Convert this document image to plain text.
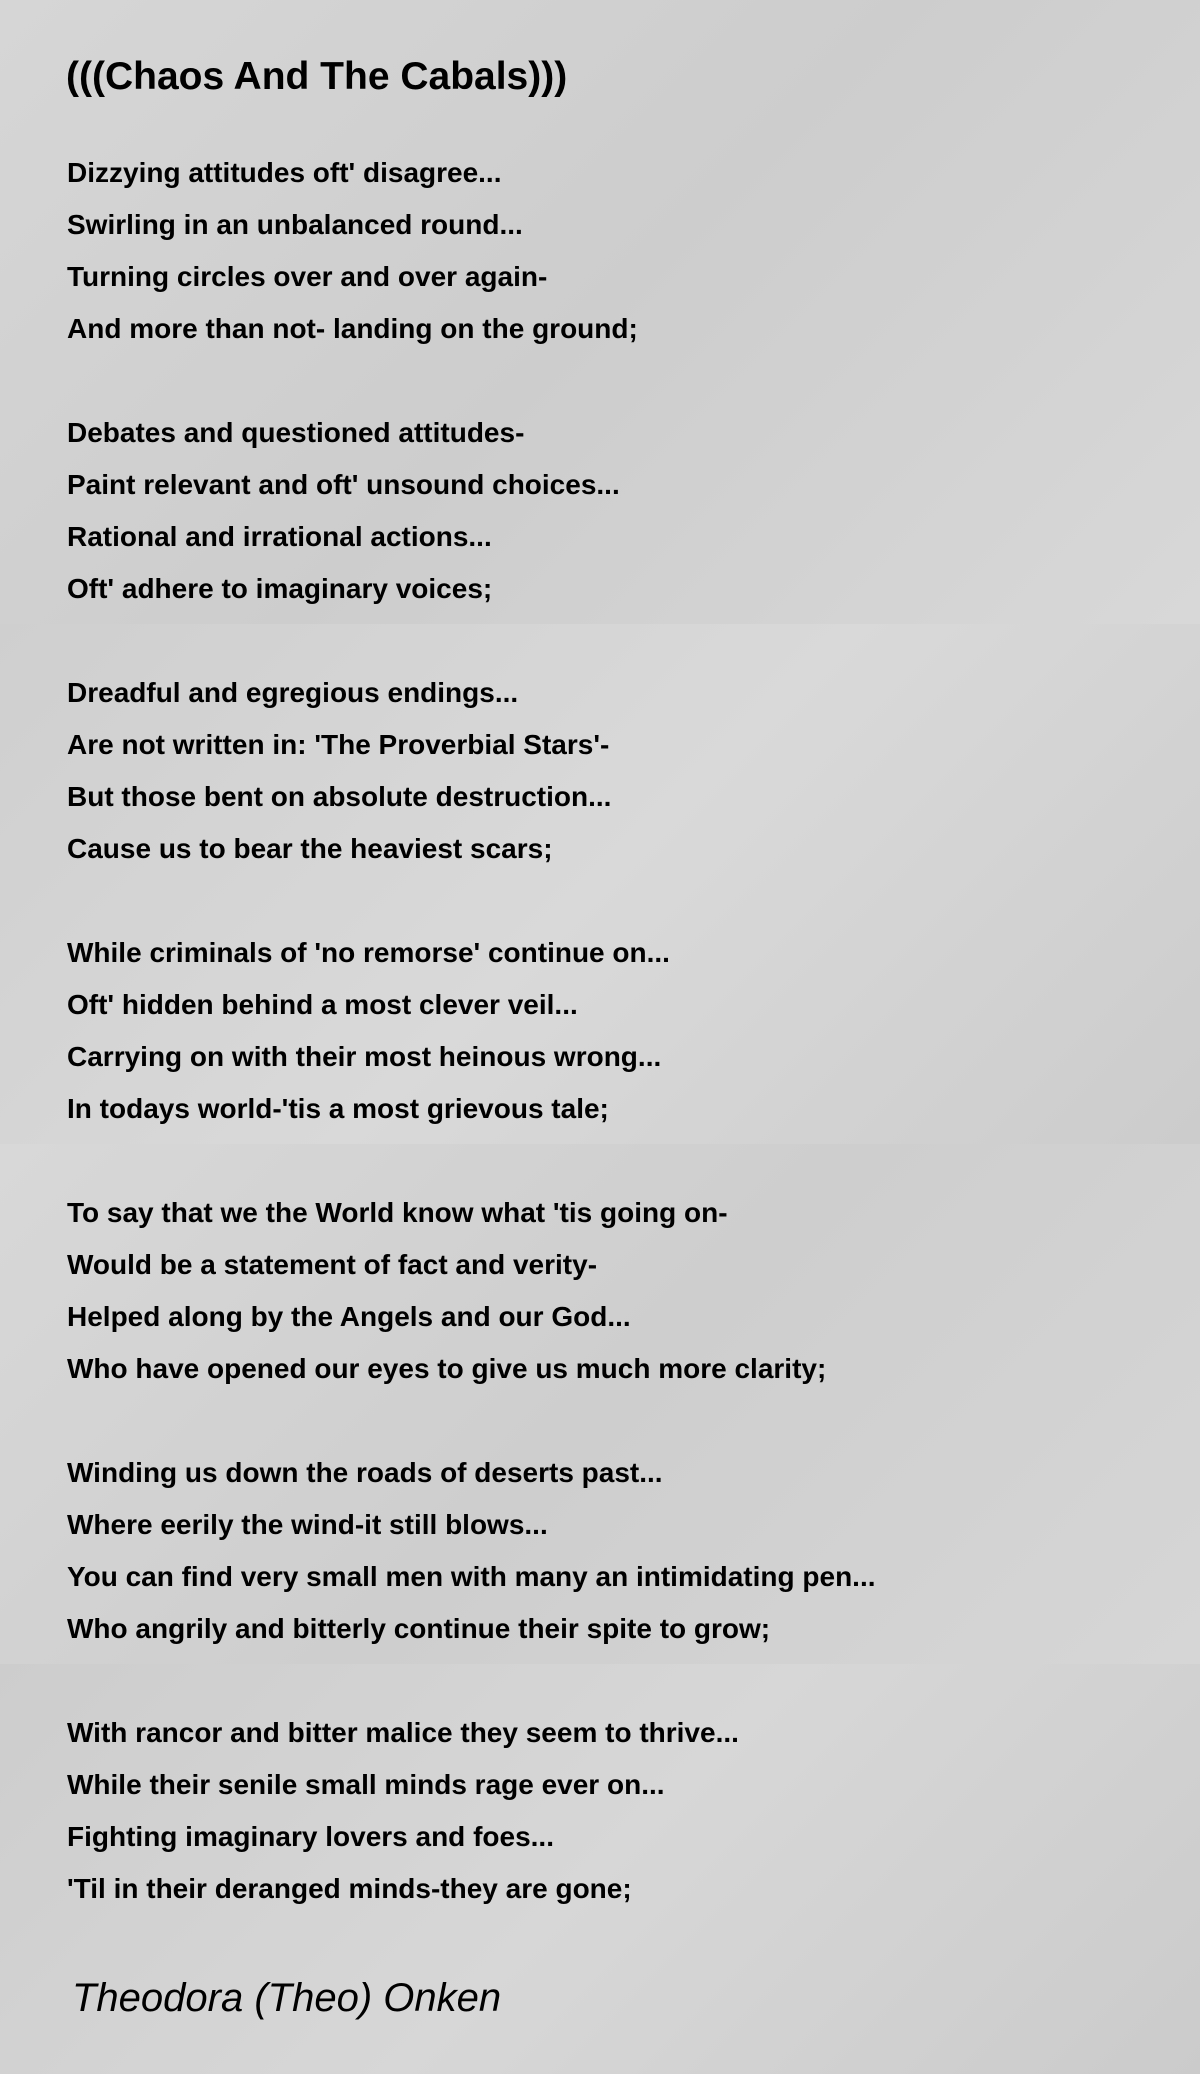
(((Chaos And The Cabals)))
Dizzying attitudes oft' disagree...
Swirling in an unbalanced round...
Turning circles over and over again-
And more than not- landing on the ground;
Debates and questioned attitudes-
Paint relevant and oft' unsound choices...
Rational and irrational actions...
Oft' adhere to imaginary voices;
Dreadful and egregious endings...
Are not written in: 'The Proverbial Stars'-
But those bent on absolute destruction...
Cause us to bear the heaviest scars;
While criminals of 'no remorse' continue on...
Oft' hidden behind a most clever veil...
Carrying on with their most heinous wrong...
In todays world-'tis a most grievous tale;
To say that we the World know what 'tis going on-
Would be a statement of fact and verity-
Helped along by the Angels and our God...
Who have opened our eyes to give us much more clarity;
Winding us down the roads of deserts past...
Where eerily the wind-it still blows...
You can find very small men with many an intimidating pen...
Who angrily and bitterly continue their spite to grow;
With rancor and bitter malice they seem to thrive...
While their senile small minds rage ever on...
Fighting imaginary lovers and foes...
'Til in their deranged minds-they are gone;
Theodora (Theo) Onken
